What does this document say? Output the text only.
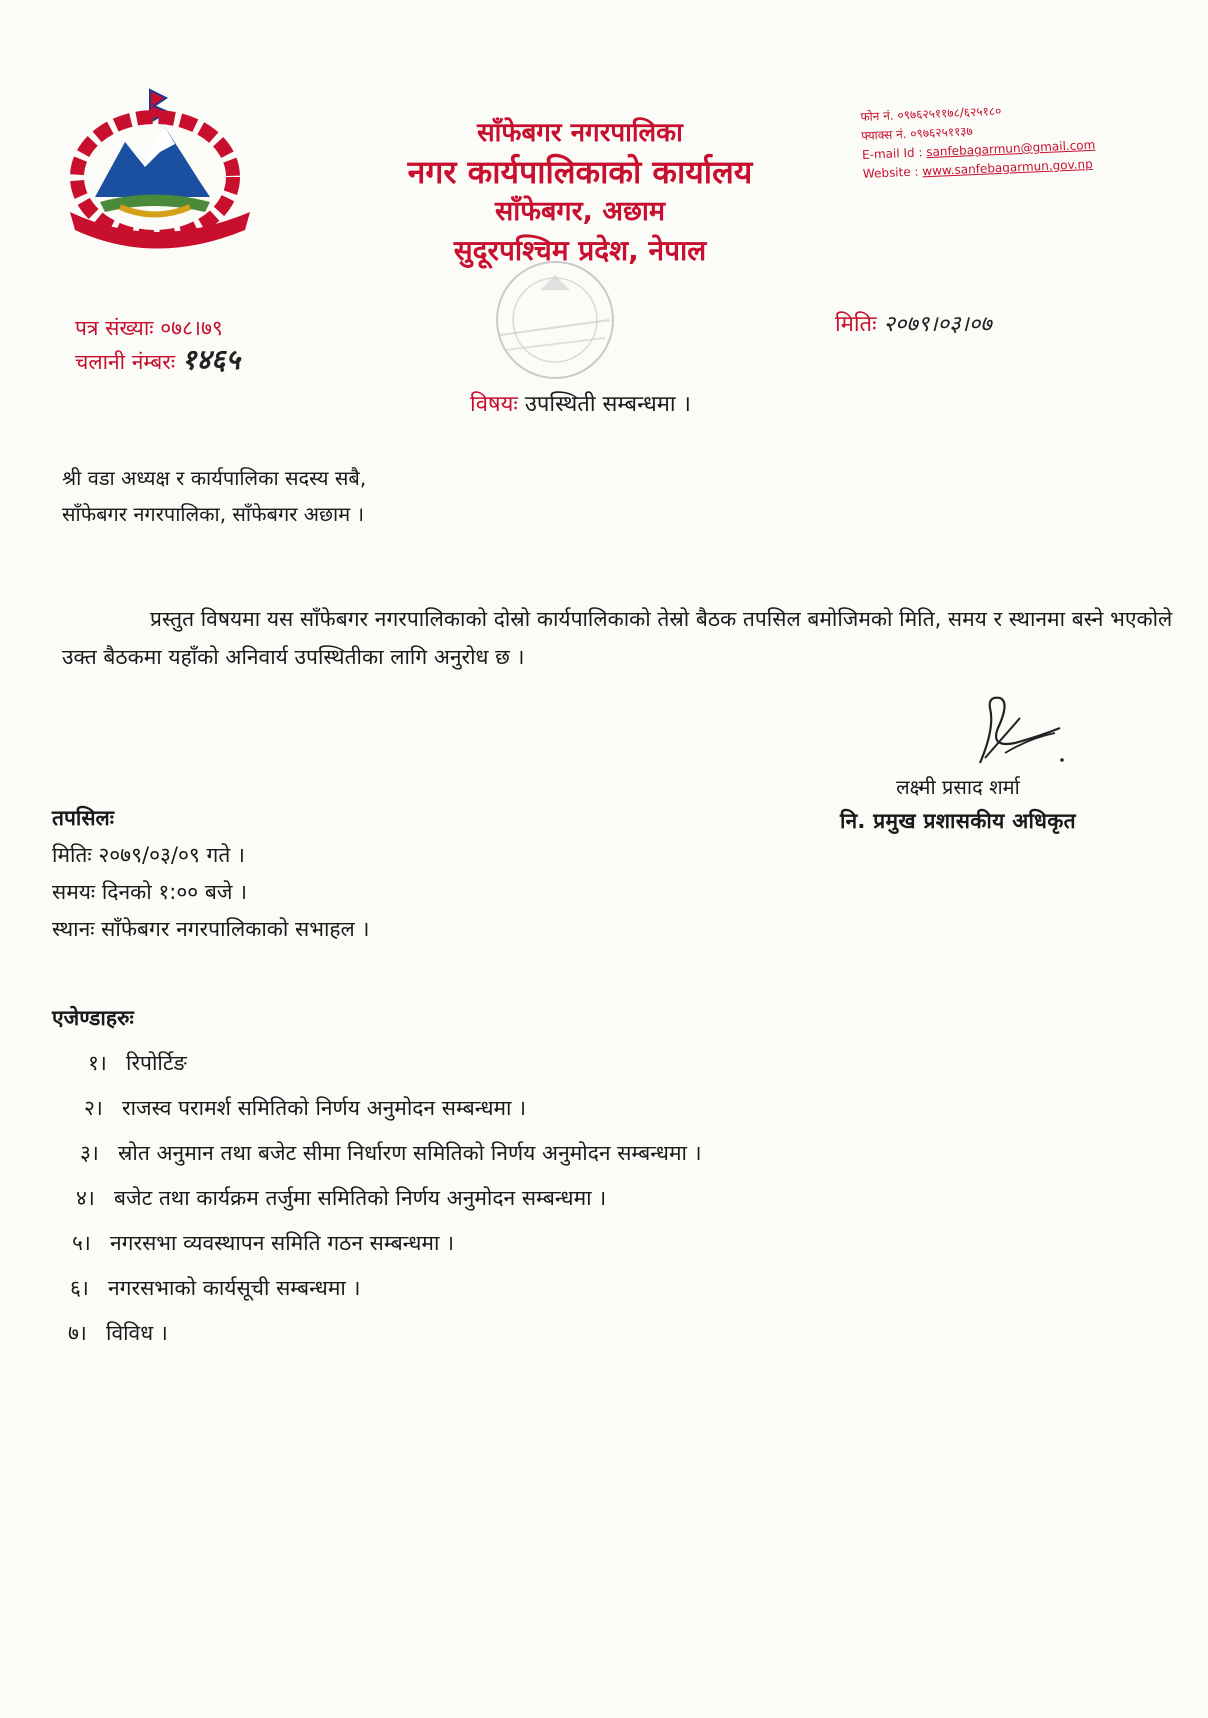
साँफेबगर नगरपालिका
नगर कार्यपालिकाको कार्यालय
साँफेबगर, अछाम
सुदूरपश्चिम प्रदेश, नेपाल
फोन नं. ०९७६२५११७८/६२५१८०
फ्याक्स नं. ०९७६२५११३७
E-mail Id : sanfebagarmun@gmail.com
Website : www.sanfebagarmun.gov.np
पत्र संख्याः ०७८।७९
चलानी नंम्बरः १४६५
मितिः २०७९।०३।०७
विषयः उपस्थिती सम्बन्धमा ।
श्री वडा अध्यक्ष र कार्यपालिका सदस्य सबै,
साँफेबगर नगरपालिका, साँफेबगर अछाम ।
प्रस्तुत विषयमा यस साँफेबगर नगरपालिकाको दोस्रो कार्यपालिकाको तेस्रो बैठक तपसिल बमोजिमको मिति, समय र स्थानमा बस्ने भएकोले उक्त बैठकमा यहाँको अनिवार्य उपस्थितीका लागि अनुरोध छ ।
लक्ष्मी प्रसाद शर्मा
नि. प्रमुख प्रशासकीय अधिकृत
तपसिलः
मितिः २०७९/०३/०९ गते ।
समयः दिनको १:०० बजे ।
स्थानः साँफेबगर नगरपालिकाको सभाहल ।
एजेण्डाहरुः
१। रिपोर्टिङ
२। राजस्व परामर्श समितिको निर्णय अनुमोदन सम्बन्धमा ।
३। स्रोत अनुमान तथा बजेट सीमा निर्धारण समितिको निर्णय अनुमोदन सम्बन्धमा ।
४। बजेट तथा कार्यक्रम तर्जुमा समितिको निर्णय अनुमोदन सम्बन्धमा ।
५। नगरसभा व्यवस्थापन समिति गठन सम्बन्धमा ।
६। नगरसभाको कार्यसूची सम्बन्धमा ।
७। विविध ।
